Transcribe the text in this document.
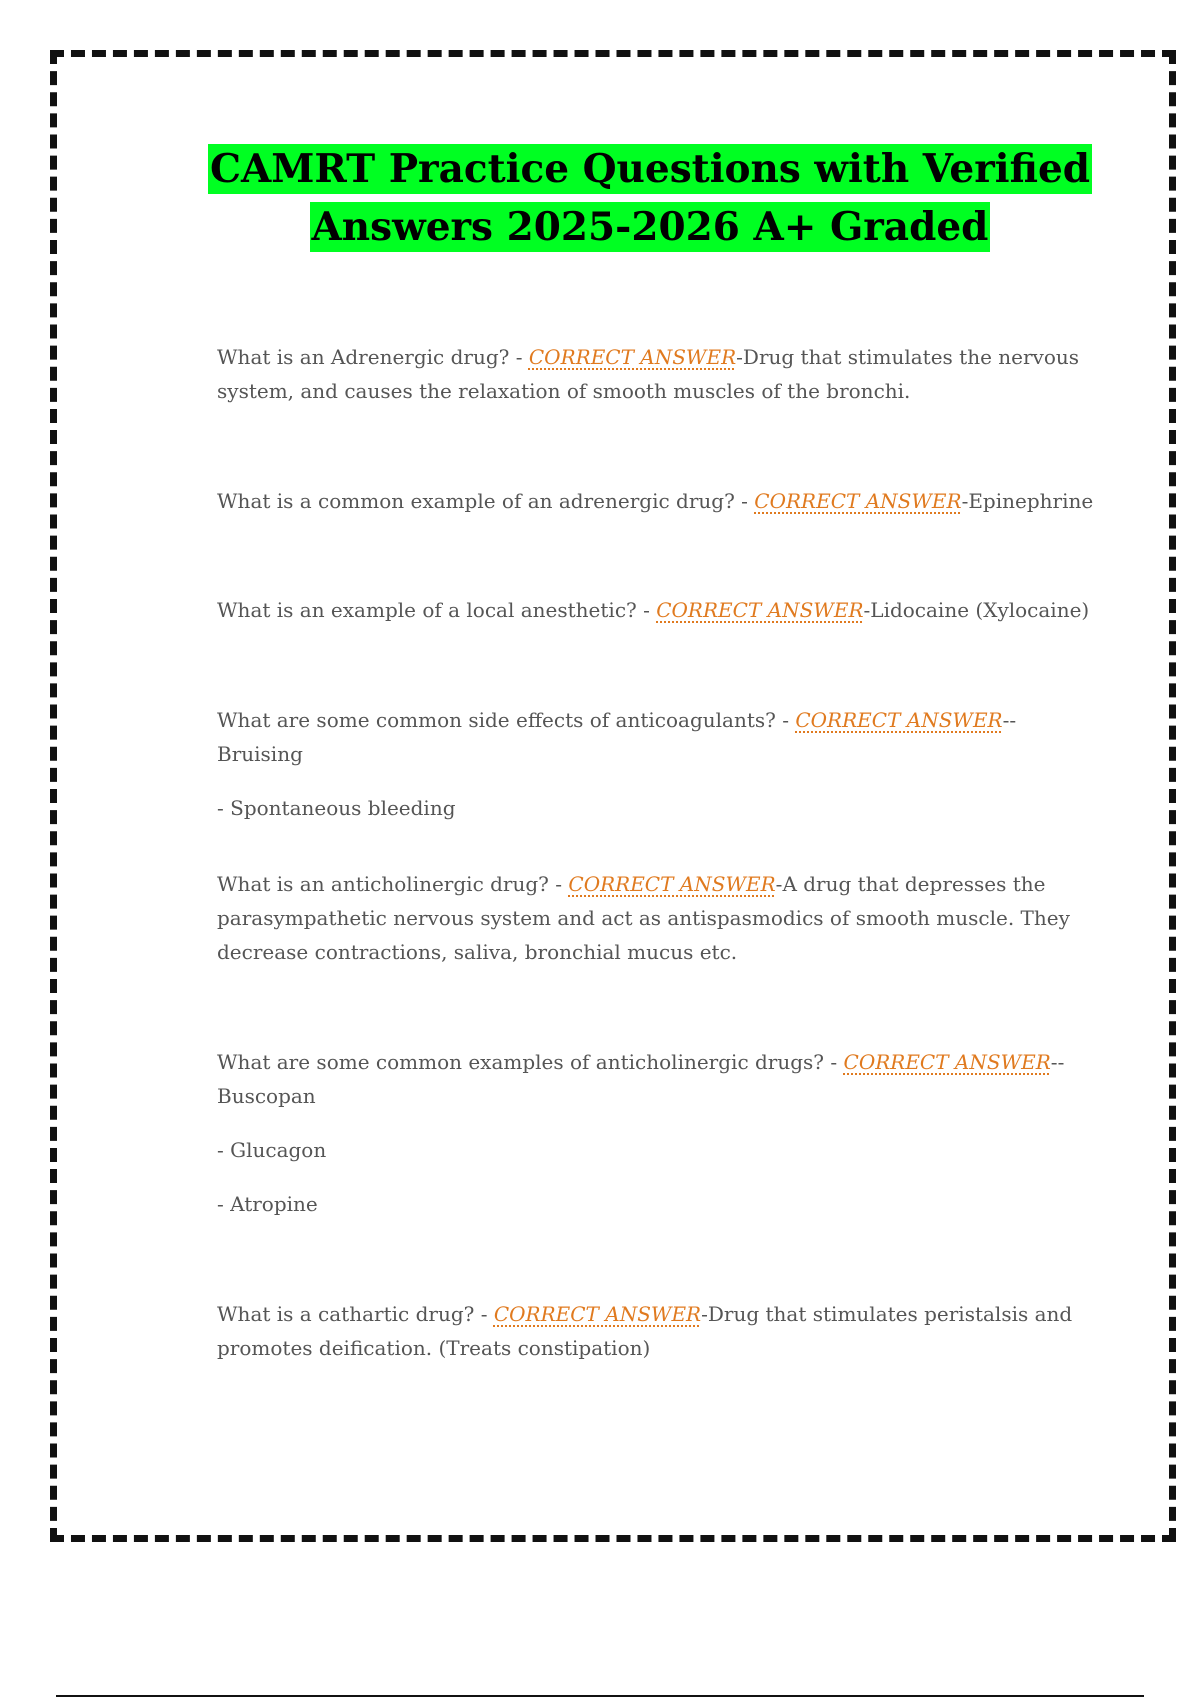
CAMRT Practice Questions with Verified
Answers 2025-2026 A+ Graded

What is an Adrenergic drug? - CORRECT ANSWER-Drug that stimulates the nervous system, and causes the relaxation of smooth muscles of the bronchi.

What is a common example of an adrenergic drug? - CORRECT ANSWER-Epinephrine

What is an example of a local anesthetic? - CORRECT ANSWER-Lidocaine (Xylocaine)

What are some common side effects of anticoagulants? - CORRECT ANSWER-- Bruising

- Spontaneous bleeding

What is an anticholinergic drug? - CORRECT ANSWER-A drug that depresses the parasympathetic nervous system and act as antispasmodics of smooth muscle. They decrease contractions, saliva, bronchial mucus etc.

What are some common examples of anticholinergic drugs? - CORRECT ANSWER-- Buscopan

- Glucagon

- Atropine

What is a cathartic drug? - CORRECT ANSWER-Drug that stimulates peristalsis and promotes deification. (Treats constipation)
